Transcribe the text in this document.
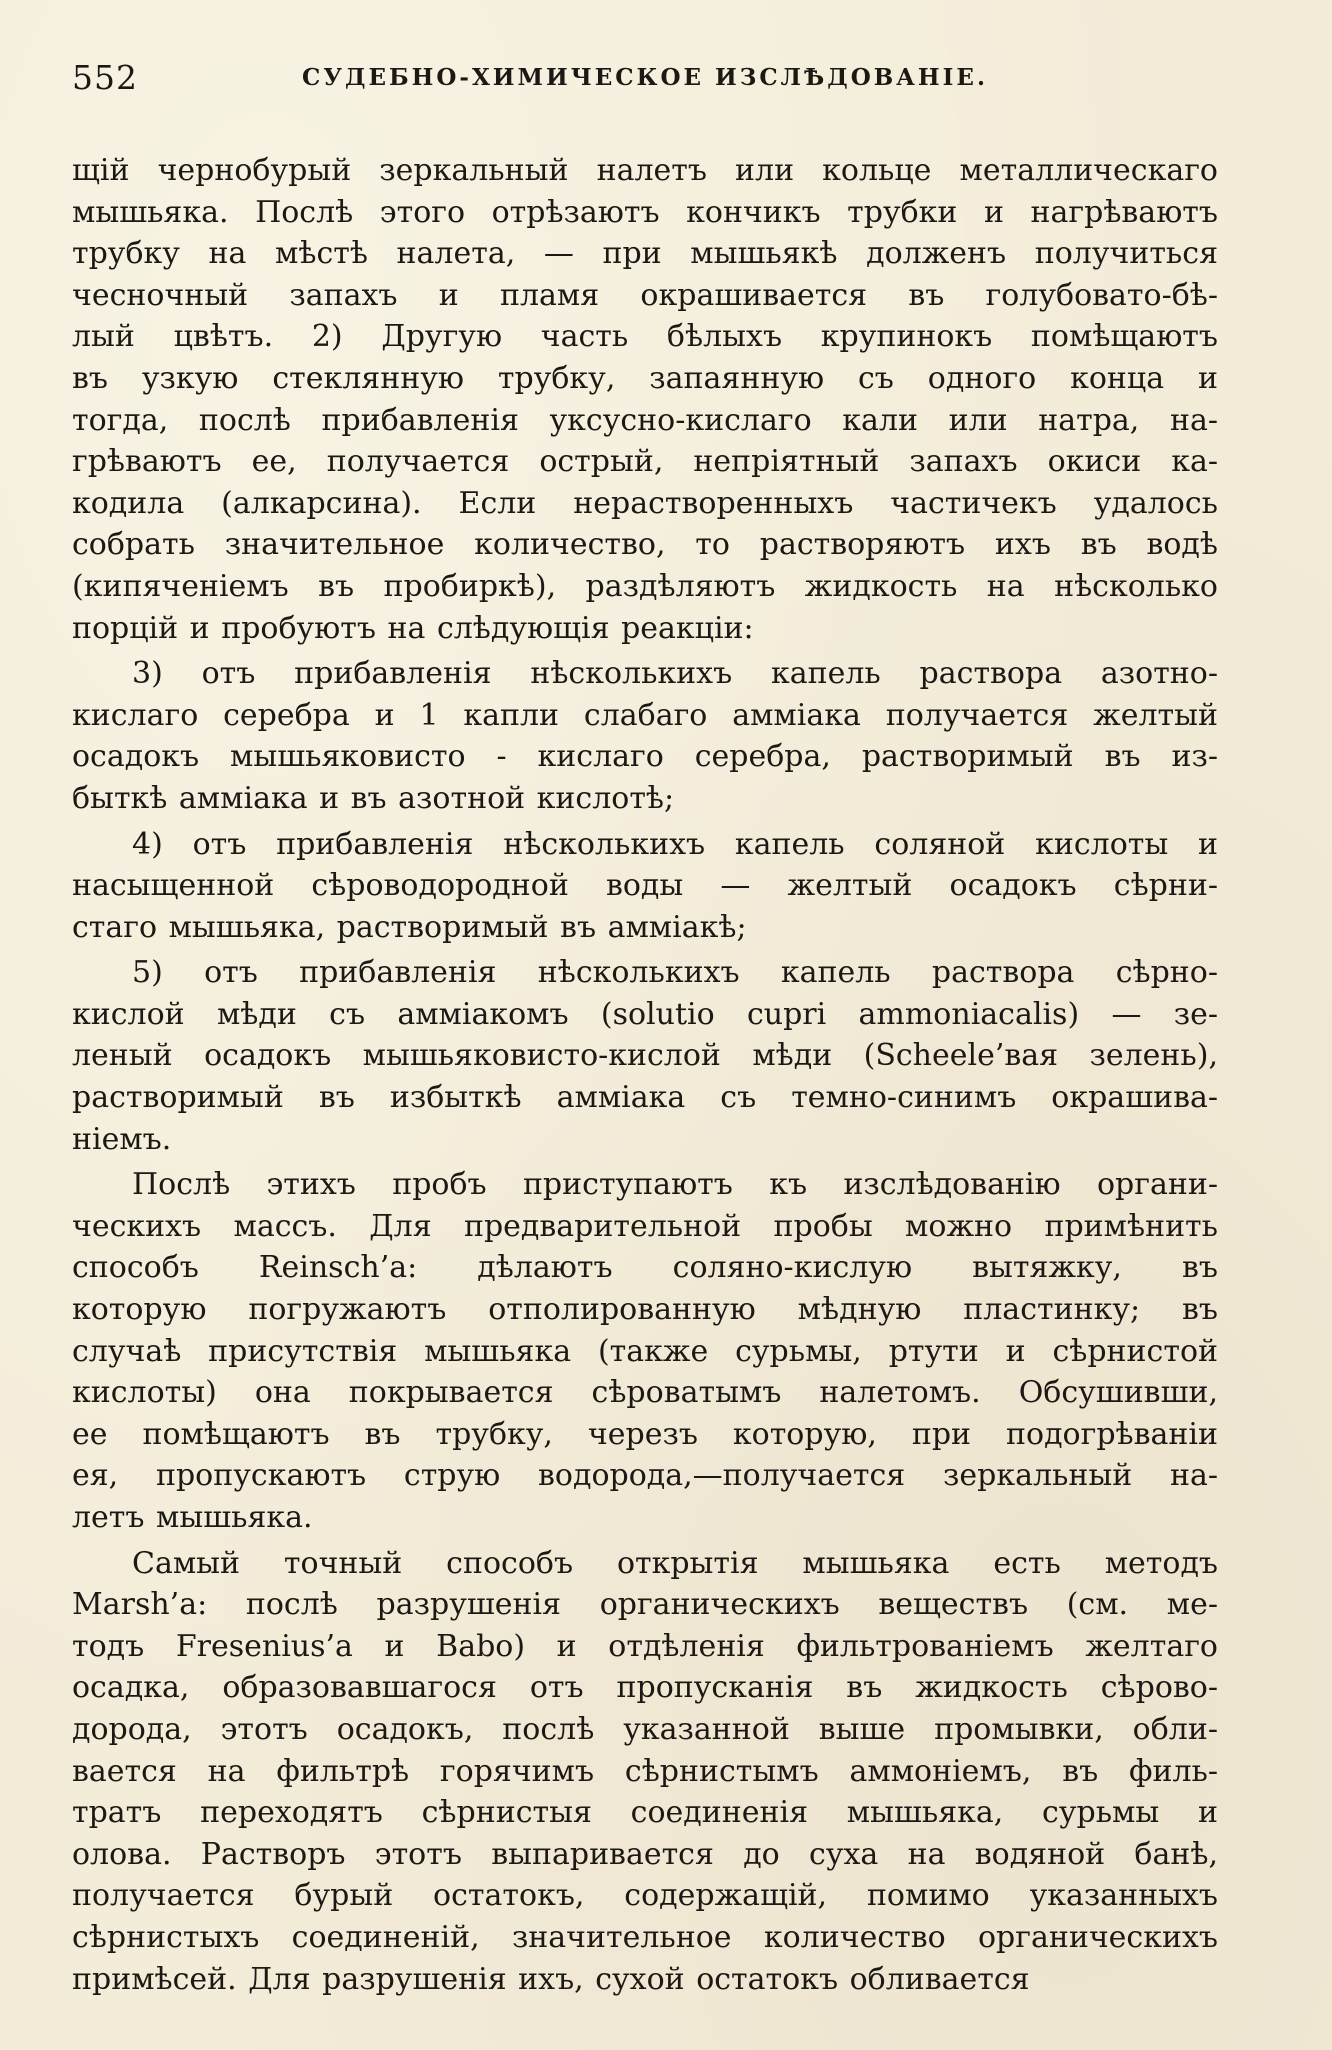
552	СУДЕБНО-ХИМИЧЕСКОЕ ИЗСЛѢДОВАНІЕ.
щій чернобурый зеркальный налетъ или кольце металлическаго
мышьяка. Послѣ этого отрѣзаютъ кончикъ трубки и нагрѣваютъ
трубку на мѣстѣ налета, — при мышьякѣ долженъ получиться
чесночный запахъ и пламя окрашивается въ голубовато-бѣ-
лый цвѣтъ. 2) Другую часть бѣлыхъ крупинокъ помѣщаютъ
въ узкую стеклянную трубку, запаянную съ одного конца и
тогда, послѣ прибавленія уксусно-кислаго кали или натра, на-
грѣваютъ ее, получается острый, непріятный запахъ окиси ка-
кодила (алкарсина). Если нерастворенныхъ частичекъ удалось
собрать значительное количество, то растворяютъ ихъ въ водѣ
(кипяченіемъ въ пробиркѣ), раздѣляютъ жидкость на нѣсколько
порцій и пробуютъ на слѣдующія реакціи:
3) отъ прибавленія нѣсколькихъ капель раствора азотно-
кислаго серебра и 1 капли слабаго амміака получается желтый
осадокъ мышьяковисто - кислаго серебра, растворимый въ из-
быткѣ амміака и въ азотной кислотѣ;
4) отъ прибавленія нѣсколькихъ капель соляной кислоты и
насыщенной сѣроводородной воды — желтый осадокъ сѣрни-
стаго мышьяка, растворимый въ амміакѣ;
5) отъ прибавленія нѣсколькихъ капель раствора сѣрно-
кислой мѣди съ амміакомъ (solutio cupri ammoniacalis) — зе-
леный осадокъ мышьяковисто-кислой мѣди (Scheele’вая зелень),
растворимый въ избыткѣ амміака съ темно-синимъ окрашива-
ніемъ.
Послѣ этихъ пробъ приступаютъ къ изслѣдованію органи-
ческихъ массъ. Для предварительной пробы можно примѣнить
способъ Reinsch’а: дѣлаютъ соляно-кислую вытяжку, въ
которую погружаютъ отполированную мѣдную пластинку; въ
случаѣ присутствія мышьяка (также сурьмы, ртути и сѣрнистой
кислоты) она покрывается сѣроватымъ налетомъ. Обсушивши,
ее помѣщаютъ въ трубку, черезъ которую, при подогрѣваніи
ея, пропускаютъ струю водорода,—получается зеркальный на-
летъ мышьяка.
Самый точный способъ открытія мышьяка есть методъ
Marsh’а: послѣ разрушенія органическихъ веществъ (см. ме-
тодъ Fresenius’а и Babo) и отдѣленія фильтрованіемъ желтаго
осадка, образовавшагося отъ пропусканія въ жидкость сѣрово-
дорода, этотъ осадокъ, послѣ указанной выше промывки, обли-
вается на фильтрѣ горячимъ сѣрнистымъ аммоніемъ, въ филь-
тратъ переходятъ сѣрнистыя соединенія мышьяка, сурьмы и
олова. Растворъ этотъ выпаривается до суха на водяной банѣ,
получается бурый остатокъ, содержащій, помимо указанныхъ
сѣрнистыхъ соединеній, значительное количество органическихъ
примѣсей. Для разрушенія ихъ, сухой остатокъ обливается
